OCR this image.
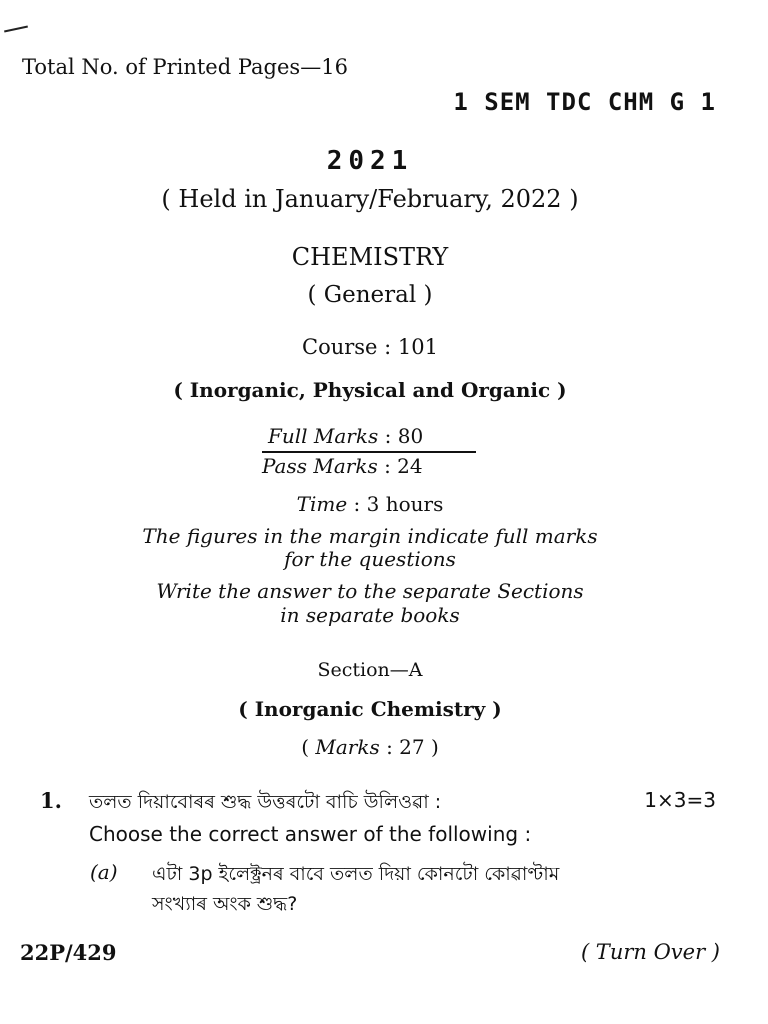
Total No. of Printed Pages—16
1 SEM TDC CHM G 1
2021
( Held in January/February, 2022 )
CHEMISTRY
( General )
Course : 101
( Inorganic, Physical and Organic )
Full Marks : 80
Pass Marks : 24
Time : 3 hours
The figures in the margin indicate full marks
for the questions
Write the answer to the separate Sections
in separate books
Section—A
( Inorganic Chemistry )
( Marks : 27 )
1. তলত দিয়াবোৰৰ শুদ্ধ উত্তৰটো বাচি উলিওৱা :	1×3=3
Choose the correct answer of the following :
(a) এটা 3p ইলেক্ট্ৰনৰ বাবে তলত দিয়া কোনটো কোৱাণ্টাম
সংখ্যাৰ অংক শুদ্ধ?
22P/429	( Turn Over )
